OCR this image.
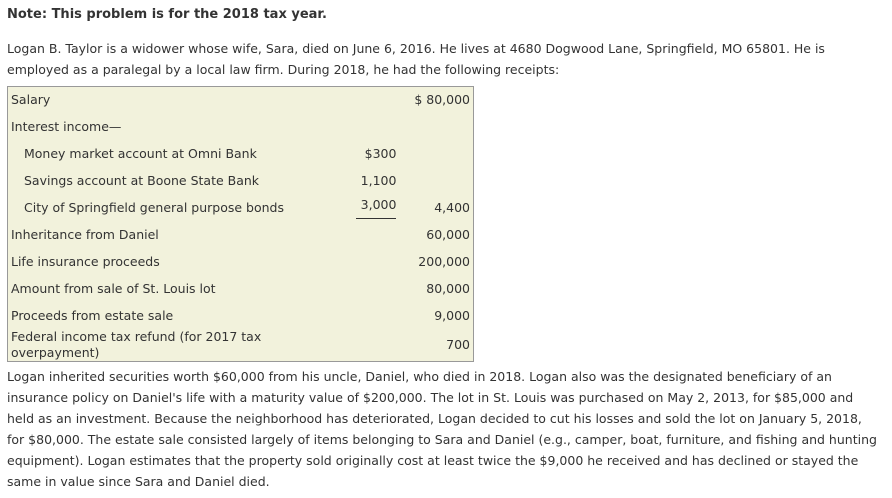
Note: This problem is for the 2018 tax year.

Logan B. Taylor is a widower whose wife, Sara, died on June 6, 2016. He lives at 4680 Dogwood Lane, Springfield, MO 65801. He is employed as a paralegal by a local law firm. During 2018, he had the following receipts:

Salary		$ 80,000
Interest income—		
Money market account at Omni Bank	$300	
Savings account at Boone State Bank	1,100	
City of Springfield general purpose bonds	3,000	4,400
Inheritance from Daniel		60,000
Life insurance proceeds		200,000
Amount from sale of St. Louis lot		80,000
Proceeds from estate sale		9,000
Federal income tax refund (for 2017 tax overpayment)		700

Logan inherited securities worth $60,000 from his uncle, Daniel, who died in 2018. Logan also was the designated beneficiary of an insurance policy on Daniel's life with a maturity value of $200,000. The lot in St. Louis was purchased on May 2, 2013, for $85,000 and held as an investment. Because the neighborhood has deteriorated, Logan decided to cut his losses and sold the lot on January 5, 2018, for $80,000. The estate sale consisted largely of items belonging to Sara and Daniel (e.g., camper, boat, furniture, and fishing and hunting equipment). Logan estimates that the property sold originally cost at least twice the $9,000 he received and has declined or stayed the same in value since Sara and Daniel died.
